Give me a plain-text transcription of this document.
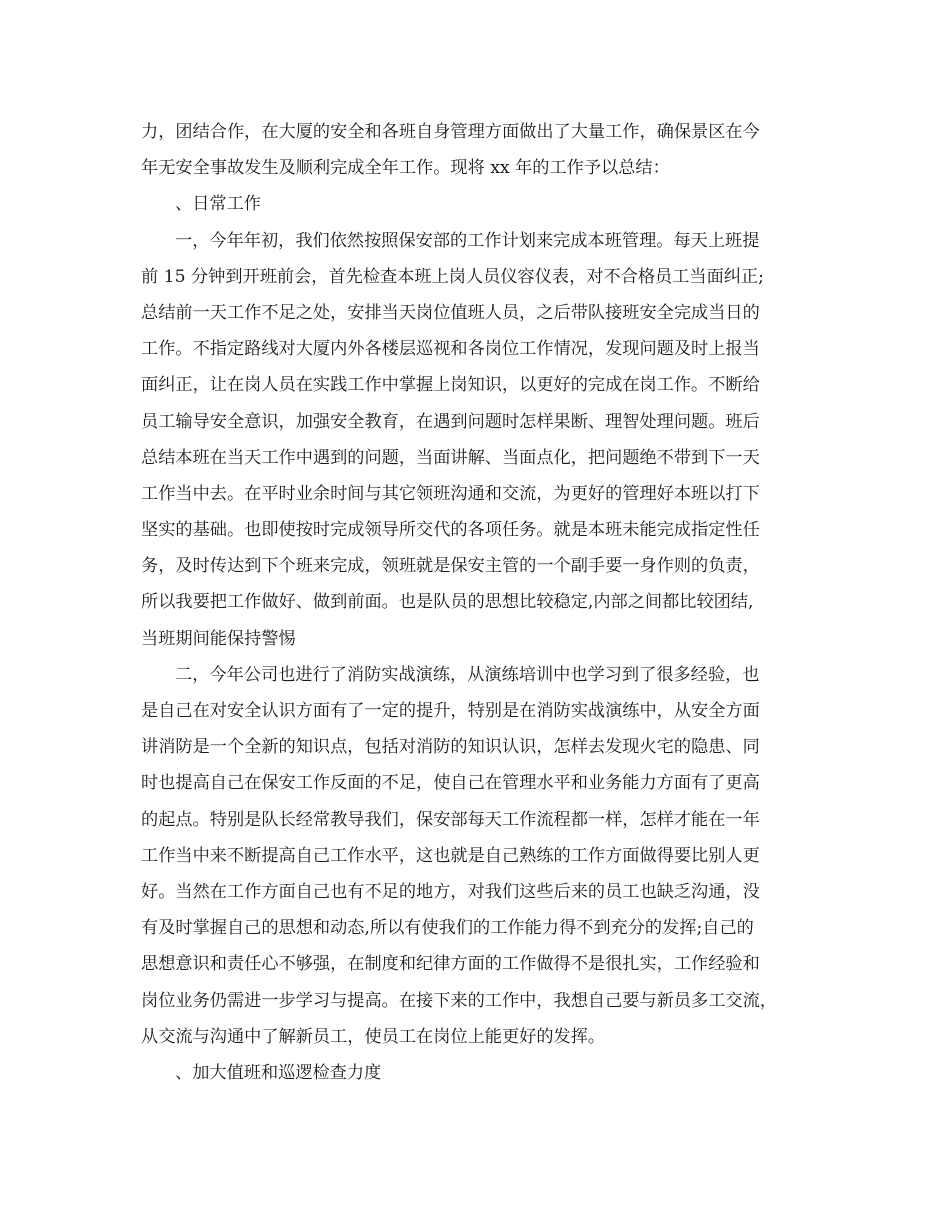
力，团结合作，在大厦的安全和各班自身管理方面做出了大量工作，确保景区在今
年无安全事故发生及顺利完成全年工作。现将 xx 年的工作予以总结：
、日常工作
一，今年年初，我们依然按照保安部的工作计划来完成本班管理。每天上班提
前 15 分钟到开班前会，首先检查本班上岗人员仪容仪表，对不合格员工当面纠正;
总结前一天工作不足之处，安排当天岗位值班人员，之后带队接班安全完成当日的
工作。不指定路线对大厦内外各楼层巡视和各岗位工作情况，发现问题及时上报当
面纠正，让在岗人员在实践工作中掌握上岗知识，以更好的完成在岗工作。不断给
员工输导安全意识，加强安全教育，在遇到问题时怎样果断、理智处理问题。班后
总结本班在当天工作中遇到的问题，当面讲解、当面点化，把问题绝不带到下一天
工作当中去。在平时业余时间与其它领班沟通和交流，为更好的管理好本班以打下
坚实的基础。也即使按时完成领导所交代的各项任务。就是本班未能完成指定性任
务，及时传达到下个班来完成，领班就是保安主管的一个副手要一身作则的负责，
所以我要把工作做好、做到前面。也是队员的思想比较稳定,内部之间都比较团结,
当班期间能保持警惕
二，今年公司也进行了消防实战演练，从演练培训中也学习到了很多经验，也
是自己在对安全认识方面有了一定的提升，特别是在消防实战演练中，从安全方面
讲消防是一个全新的知识点，包括对消防的知识认识，怎样去发现火宅的隐患、同
时也提高自己在保安工作反面的不足，使自己在管理水平和业务能力方面有了更高
的起点。特别是队长经常教导我们，保安部每天工作流程都一样，怎样才能在一年
工作当中来不断提高自己工作水平，这也就是自己熟练的工作方面做得要比别人更
好。当然在工作方面自己也有不足的地方，对我们这些后来的员工也缺乏沟通，没
有及时掌握自己的思想和动态,所以有使我们的工作能力得不到充分的发挥;自己的
思想意识和责任心不够强，在制度和纪律方面的工作做得不是很扎实，工作经验和
岗位业务仍需进一步学习与提高。在接下来的工作中，我想自己要与新员多工交流，
从交流与沟通中了解新员工，使员工在岗位上能更好的发挥。
、加大值班和巡逻检查力度
